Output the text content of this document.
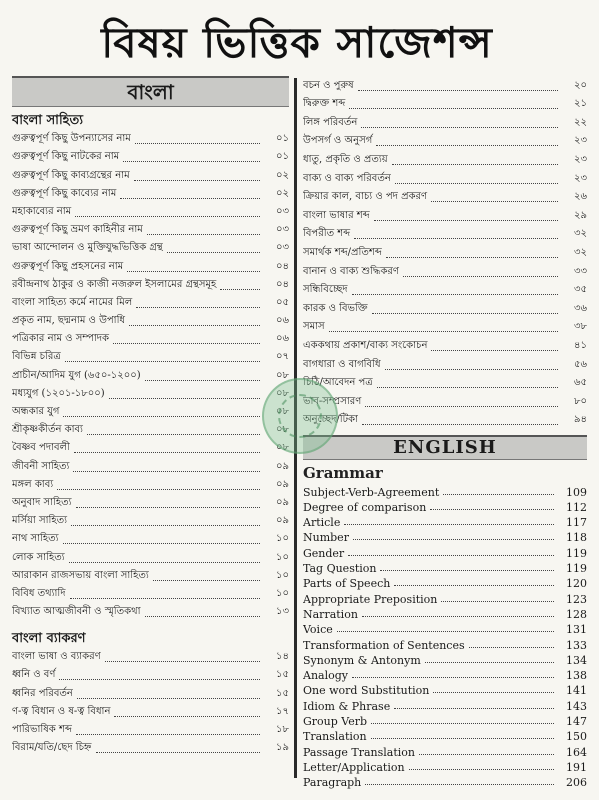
বিষয় ভিত্তিক সাজেশন্স
বাংলা
বাংলা সাহিত্য
গুরুত্বপূর্ণ কিছু উপন্যাসের নাম	০১
গুরুত্বপূর্ণ কিছু নাটকের নাম	০১
গুরুত্বপূর্ণ কিছু কাব্যগ্রন্থের নাম	০২
গুরুত্বপূর্ণ কিছু কাব্যের নাম	০২
মহাকাব্যের নাম	০৩
গুরুত্বপূর্ণ কিছু ভ্রমণ কাহিনীর নাম	০৩
ভাষা আন্দোলন ও মুক্তিযুদ্ধভিত্তিক গ্রন্থ	০৩
গুরুত্বপূর্ণ কিছু প্রহসনের নাম	০৪
রবীন্দ্রনাথ ঠাকুর ও কাজী নজরুল ইসলামের গ্রন্থসমূহ	০৪
বাংলা সাহিত্য কর্মে নামের মিল	০৫
প্রকৃত নাম, ছদ্মনাম ও উপাধি	০৬
পত্রিকার নাম ও সম্পাদক	০৬
বিভিন্ন চরিত্র	০৭
প্রাচীন/আদিম যুগ (৬৫০-১২০০)	০৮
মধ্যযুগ (১২০১-১৮০০)	০৮
অন্ধকার যুগ	০৮
শ্রীকৃষ্ণকীর্তন কাব্য	০৮
বৈষ্ণব পদাবলী	০৮
জীবনী সাহিত্য	০৯
মঙ্গল কাব্য	০৯
অনুবাদ সাহিত্য	০৯
মর্সিয়া সাহিত্য	০৯
নাথ সাহিত্য	১০
লোক সাহিত্য	১০
আরাকান রাজসভায় বাংলা সাহিত্য	১০
বিবিধ তথ্যাদি	১০
বিখ্যাত আত্মজীবনী ও স্মৃতিকথা	১৩
বাংলা ব্যাকরণ
বাংলা ভাষা ও ব্যাকরণ	১৪
ধ্বনি ও বর্ণ	১৫
ধ্বনির পরিবর্তন	১৫
ণ-ত্ব বিধান ও ষ-ত্ব বিধান	১৭
পারিভাষিক শব্দ	১৮
বিরাম/যতি/ছেদ চিহ্ন	১৯
বচন ও পুরুষ	২০
দ্বিরুক্ত শব্দ	২১
লিঙ্গ পরিবর্তন	২২
উপসর্গ ও অনুসর্গ	২৩
ধাতু, প্রকৃতি ও প্রত্যয়	২৩
বাক্য ও বাক্য পরিবর্তন	২৩
ক্রিয়ার কাল, বাচ্য ও পদ প্রকরণ	২৬
বাংলা ভাষার শব্দ	২৯
বিপরীত শব্দ	৩২
সমার্থক শব্দ/প্রতিশব্দ	৩২
বানান ও বাক্য শুদ্ধিকরণ	৩৩
সন্ধিবিচ্ছেদ	৩৫
কারক ও বিভক্তি	৩৬
সমাস	৩৮
এককথায় প্রকাশ/বাক্য সংকোচন	৪১
বাগধারা ও বাগবিধি	৫৬
চিঠি/আবেদন পত্র	৬৫
ভাব-সম্প্রসারণ	৮০
অনুচ্ছেদ/টিকা	৯৪
ENGLISH
Grammar
Subject-Verb-Agreement	109
Degree of comparison	112
Article	117
Number	118
Gender	119
Tag Question	119
Parts of Speech	120
Appropriate Preposition	123
Narration	128
Voice	131
Transformation of Sentences	133
Synonym & Antonym	134
Analogy	138
One word Substitution	141
Idiom & Phrase	143
Group Verb	147
Translation	150
Passage Translation	164
Letter/Application	191
Paragraph	206
